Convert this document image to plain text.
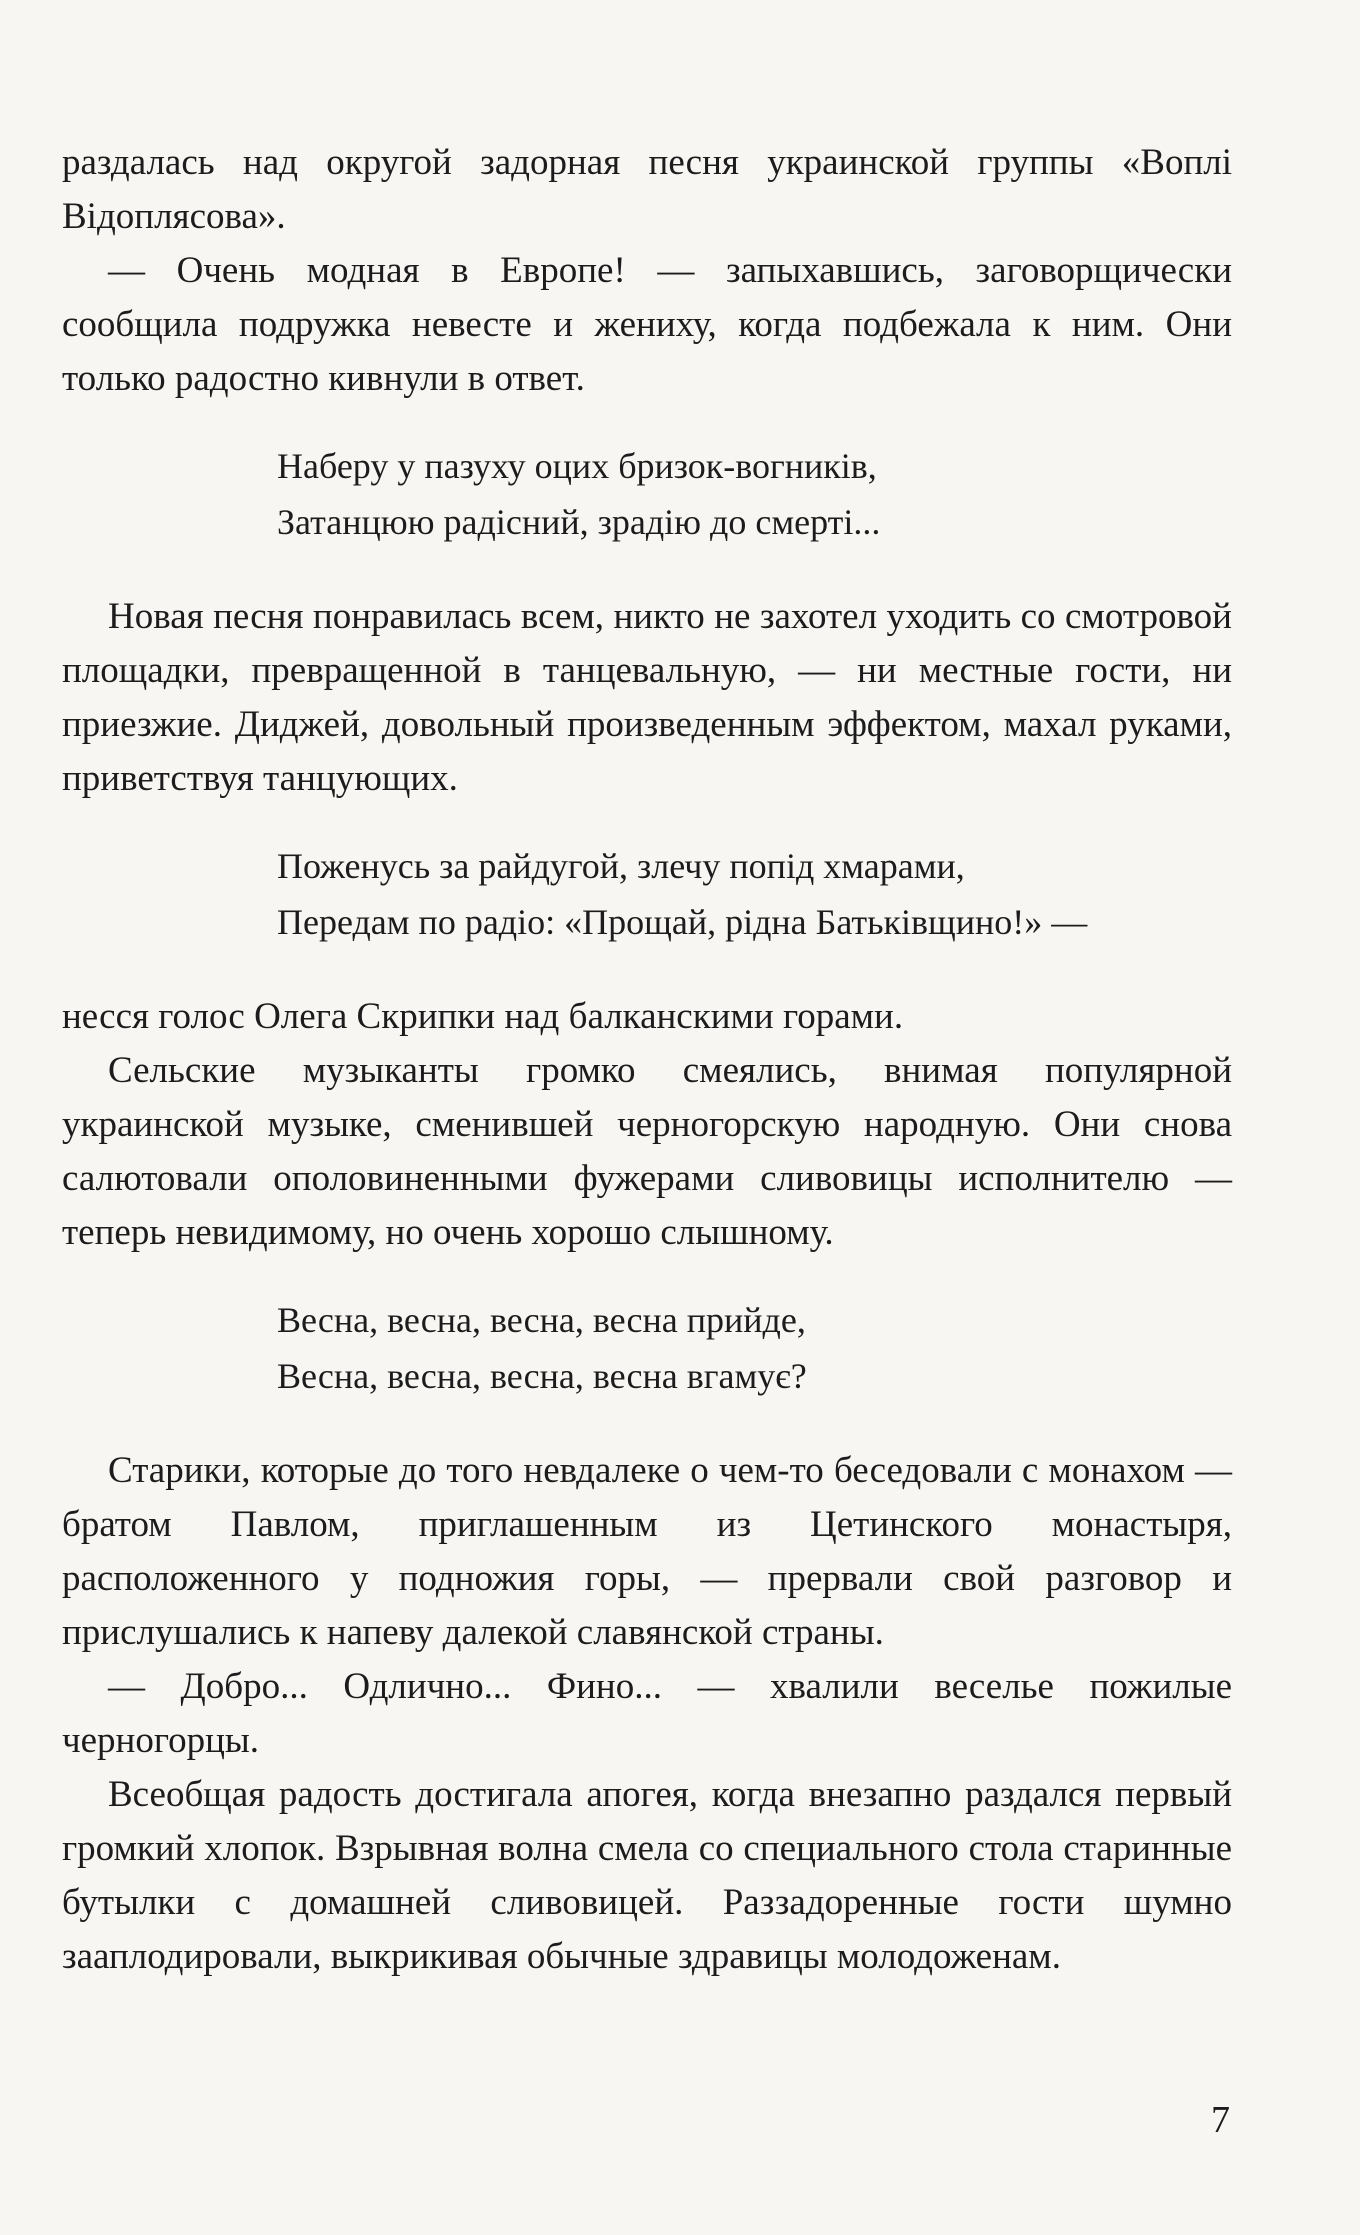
раздалась над округой задорная песня украинской группы «Воплі Відоплясова».

— Очень модная в Европе! — запыхавшись, заговорщически сообщила подружка невесте и жениху, когда подбежала к ним. Они только радостно кивнули в ответ.

Наберу у пазуху оцих бризок-вогників,
Затанцюю радісний, зрадію до смерті...

Новая песня понравилась всем, никто не захотел уходить со смотровой площадки, превращенной в танцевальную, — ни местные гости, ни приезжие. Диджей, довольный произведенным эффектом, махал руками, приветствуя танцующих.

Поженусь за райдугой, злечу попід хмарами,
Передам по радіо: «Прощай, рідна Батьківщино!» —

несся голос Олега Скрипки над балканскими горами.

Сельские музыканты громко смеялись, внимая популярной украинской музыке, сменившей черногорскую народную. Они снова салютовали ополовиненными фужерами сливовицы исполнителю — теперь невидимому, но очень хорошо слышному.

Весна, весна, весна, весна прийде,
Весна, весна, весна, весна вгамує?

Старики, которые до того невдалеке о чем-то беседовали с монахом — братом Павлом, приглашенным из Цетинского монастыря, расположенного у подножия горы, — прервали свой разговор и прислушались к напеву далекой славянской страны.

— Добро... Одлично... Фино... — хвалили веселье пожилые черногорцы.

Всеобщая радость достигала апогея, когда внезапно раздался первый громкий хлопок. Взрывная волна смела со специального стола старинные бутылки с домашней сливовицей. Раззадоренные гости шумно зааплодировали, выкрикивая обычные здравицы молодоженам.

7
